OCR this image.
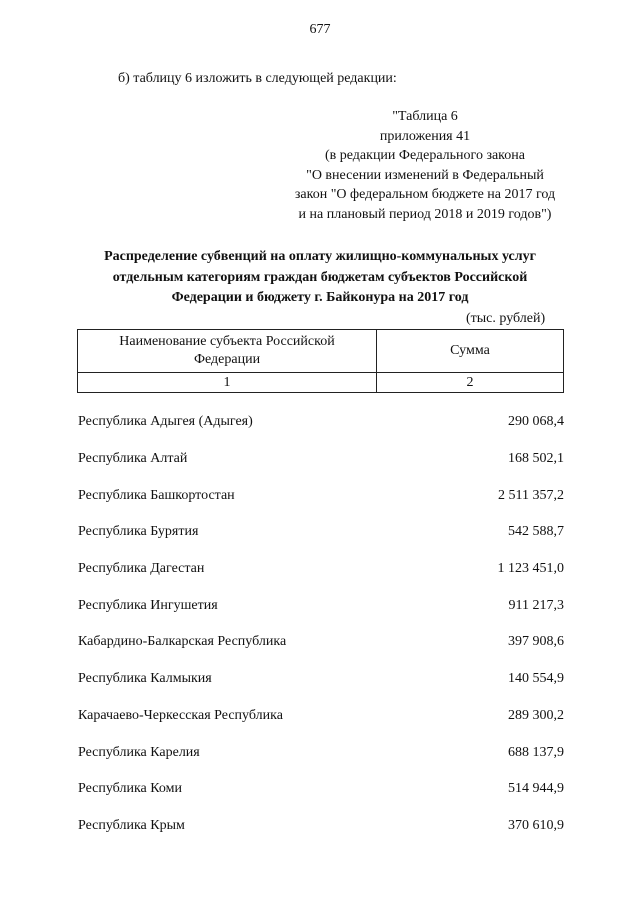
677
б) таблицу 6 изложить в следующей редакции:
"Таблица 6
приложения 41
(в редакции Федерального закона
"О внесении изменений в Федеральный
закон "О федеральном бюджете на 2017 год
и на плановый период 2018 и 2019 годов")
Распределение субвенций на оплату жилищно-коммунальных услуг
отдельным категориям граждан бюджетам субъектов Российской
Федерации и бюджету г. Байконура на 2017 год
(тыс. рублей)
Наименование субъекта Российской
Федерации	Сумма
1	2
Республика Адыгея (Адыгея)	290 068,4
Республика Алтай	168 502,1
Республика Башкортостан	2 511 357,2
Республика Бурятия	542 588,7
Республика Дагестан	1 123 451,0
Республика Ингушетия	911 217,3
Кабардино-Балкарская Республика	397 908,6
Республика Калмыкия	140 554,9
Карачаево-Черкесская Республика	289 300,2
Республика Карелия	688 137,9
Республика Коми	514 944,9
Республика Крым	370 610,9
